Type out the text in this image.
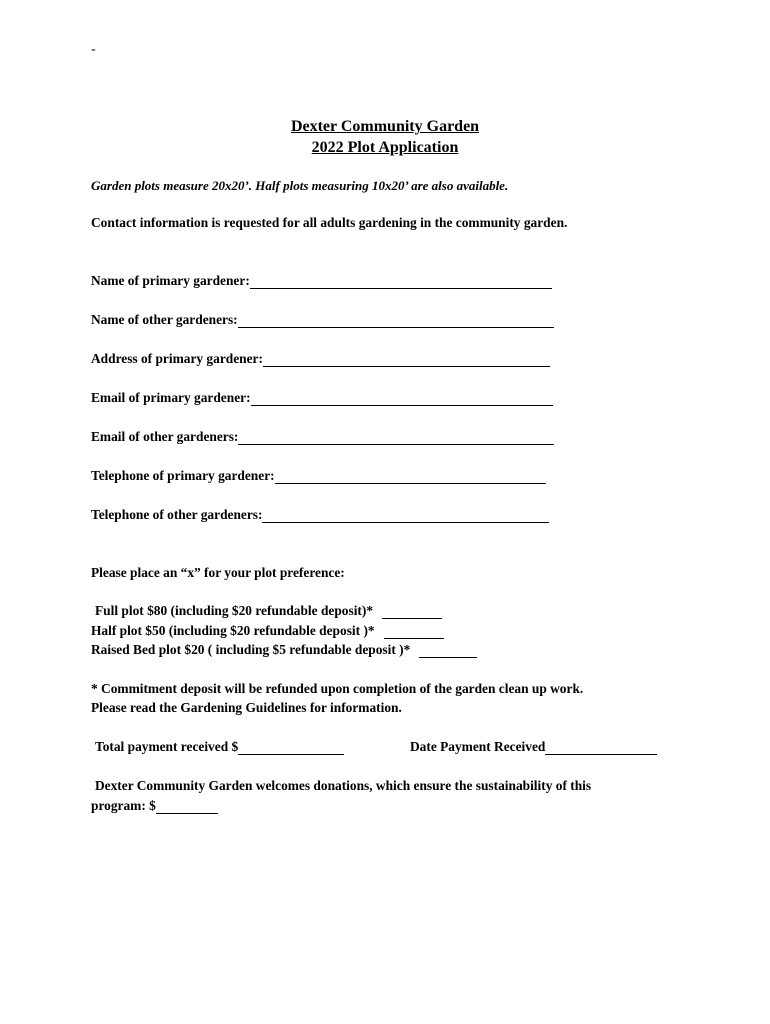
-
Dexter Community Garden
2022 Plot Application
Garden plots measure 20x20’. Half plots measuring 10x20’ are also available.
Contact information is requested for all adults gardening in the community garden.
Name of primary gardener:
Name of other gardeners:
Address of primary gardener:
Email of primary gardener:
Email of other gardeners:
Telephone of primary gardener:
Telephone of other gardeners:
Please place an “x” for your plot preference:
Full plot $80 (including $20 refundable deposit)*
Half plot $50 (including $20 refundable deposit )*
Raised Bed plot $20 ( including $5 refundable deposit )*
* Commitment deposit will be refunded upon completion of the garden clean up work.
Please read the Gardening Guidelines for information.
Total payment received $	Date Payment Received
Dexter Community Garden welcomes donations, which ensure the sustainability of this
program: $
